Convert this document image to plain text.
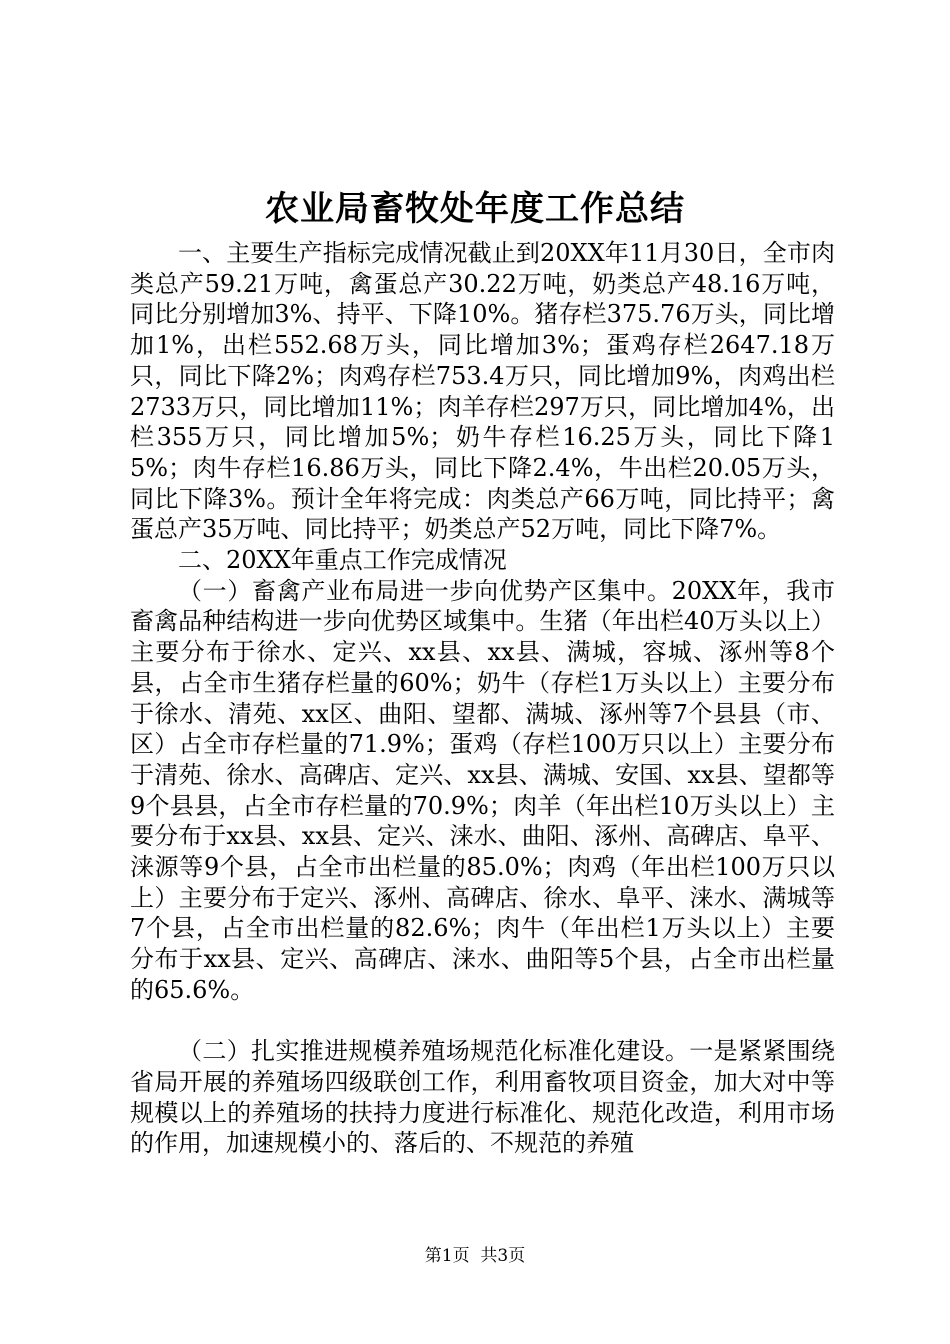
农业局畜牧处年度工作总结

一、主要生产指标完成情况截止到20XX年11月30日，全市肉类总产59.21万吨，禽蛋总产30.22万吨，奶类总产48.16万吨，同比分别增加3%、持平、下降10%。猪存栏375.76万头，同比增加1%，出栏552.68万头，同比增加3%；蛋鸡存栏2647.18万只，同比下降2%；肉鸡存栏753.4万只，同比增加9%，肉鸡出栏2733万只，同比增加11%；肉羊存栏297万只，同比增加4%，出栏355万只，同比增加5%；奶牛存栏16.25万头，同比下降15%；肉牛存栏16.86万头，同比下降2.4%，牛出栏20.05万头，同比下降3%。预计全年将完成：肉类总产66万吨，同比持平；禽蛋总产35万吨、同比持平；奶类总产52万吨，同比下降7%。

二、20XX年重点工作完成情况

（一）畜禽产业布局进一步向优势产区集中。20XX年，我市畜禽品种结构进一步向优势区域集中。生猪（年出栏40万头以上）主要分布于徐水、定兴、xx县、xx县、满城，容城、涿州等8个县，占全市生猪存栏量的60%；奶牛（存栏1万头以上）主要分布于徐水、清苑、xx区、曲阳、望都、满城、涿州等7个县县（市、区）占全市存栏量的71.9%；蛋鸡（存栏100万只以上）主要分布于清苑、徐水、高碑店、定兴、xx县、满城、安国、xx县、望都等9个县县，占全市存栏量的70.9%；肉羊（年出栏10万头以上）主要分布于xx县、xx县、定兴、涞水、曲阳、涿州、高碑店、阜平、涞源等9个县，占全市出栏量的85.0%；肉鸡（年出栏100万只以上）主要分布于定兴、涿州、高碑店、徐水、阜平、涞水、满城等7个县，占全市出栏量的82.6%；肉牛（年出栏1万头以上）主要分布于xx县、定兴、高碑店、涞水、曲阳等5个县，占全市出栏量的65.6%。

（二）扎实推进规模养殖场规范化标准化建设。一是紧紧围绕省局开展的养殖场四级联创工作，利用畜牧项目资金，加大对中等规模以上的养殖场的扶持力度进行标准化、规范化改造，利用市场的作用，加速规模小的、落后的、不规范的养殖

第1页 共3页
